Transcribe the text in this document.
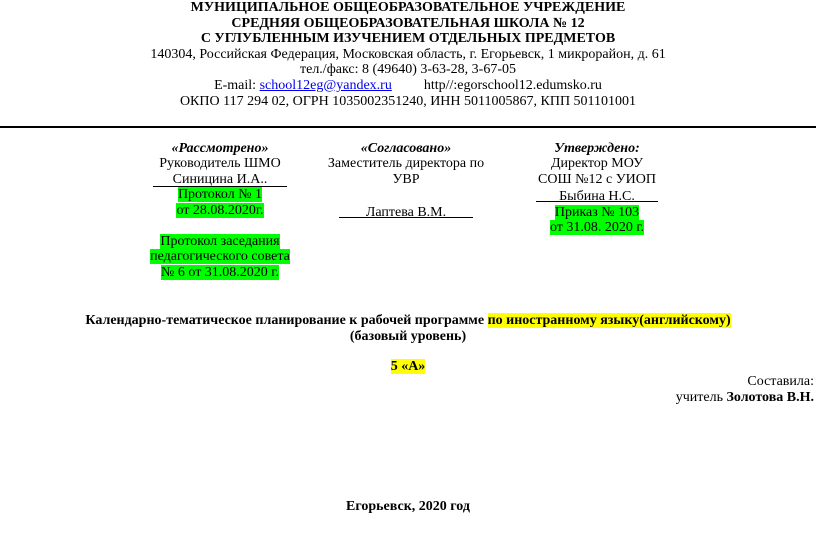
МУНИЦИПАЛЬНОЕ ОБЩЕОБРАЗОВАТЕЛЬНОЕ УЧРЕЖДЕНИЕ
СРЕДНЯЯ ОБЩЕОБРАЗОВАТЕЛЬНАЯ ШКОЛА № 12
С УГЛУБЛЕННЫМ ИЗУЧЕНИЕМ ОТДЕЛЬНЫХ ПРЕДМЕТОВ
140304, Российская Федерация, Московская область, г. Егорьевск, 1 микрорайон, д. 61
тел./факс: 8 (49640) 3-63-28, 3-67-05
E-mail: school12eg@yandex.ru http//:egorschool12.edumsko.ru
ОКПО 117 294 02, ОГРН 1035002351240, ИНН 5011005867, КПП 501101001
«Рассмотрено»
Руководитель ШМО
Синицина И.А..
Протокол № 1
от 28.08.2020г.
Протокол заседания
педагогического совета
№ 6 от 31.08.2020 г.
«Согласовано»
Заместитель директора по
УВР
Лаптева В.М.
Утверждено:
Директор МОУ
СОШ №12 с УИОП
Быбина Н.С.
Приказ № 103
от 31.08. 2020 г.
Календарно-тематическое планирование к рабочей программе по иностранному языку(английскому)
(базовый уровень)
5 «А»
Составила:
учитель Золотова В.Н.
Егорьевск, 2020 год
